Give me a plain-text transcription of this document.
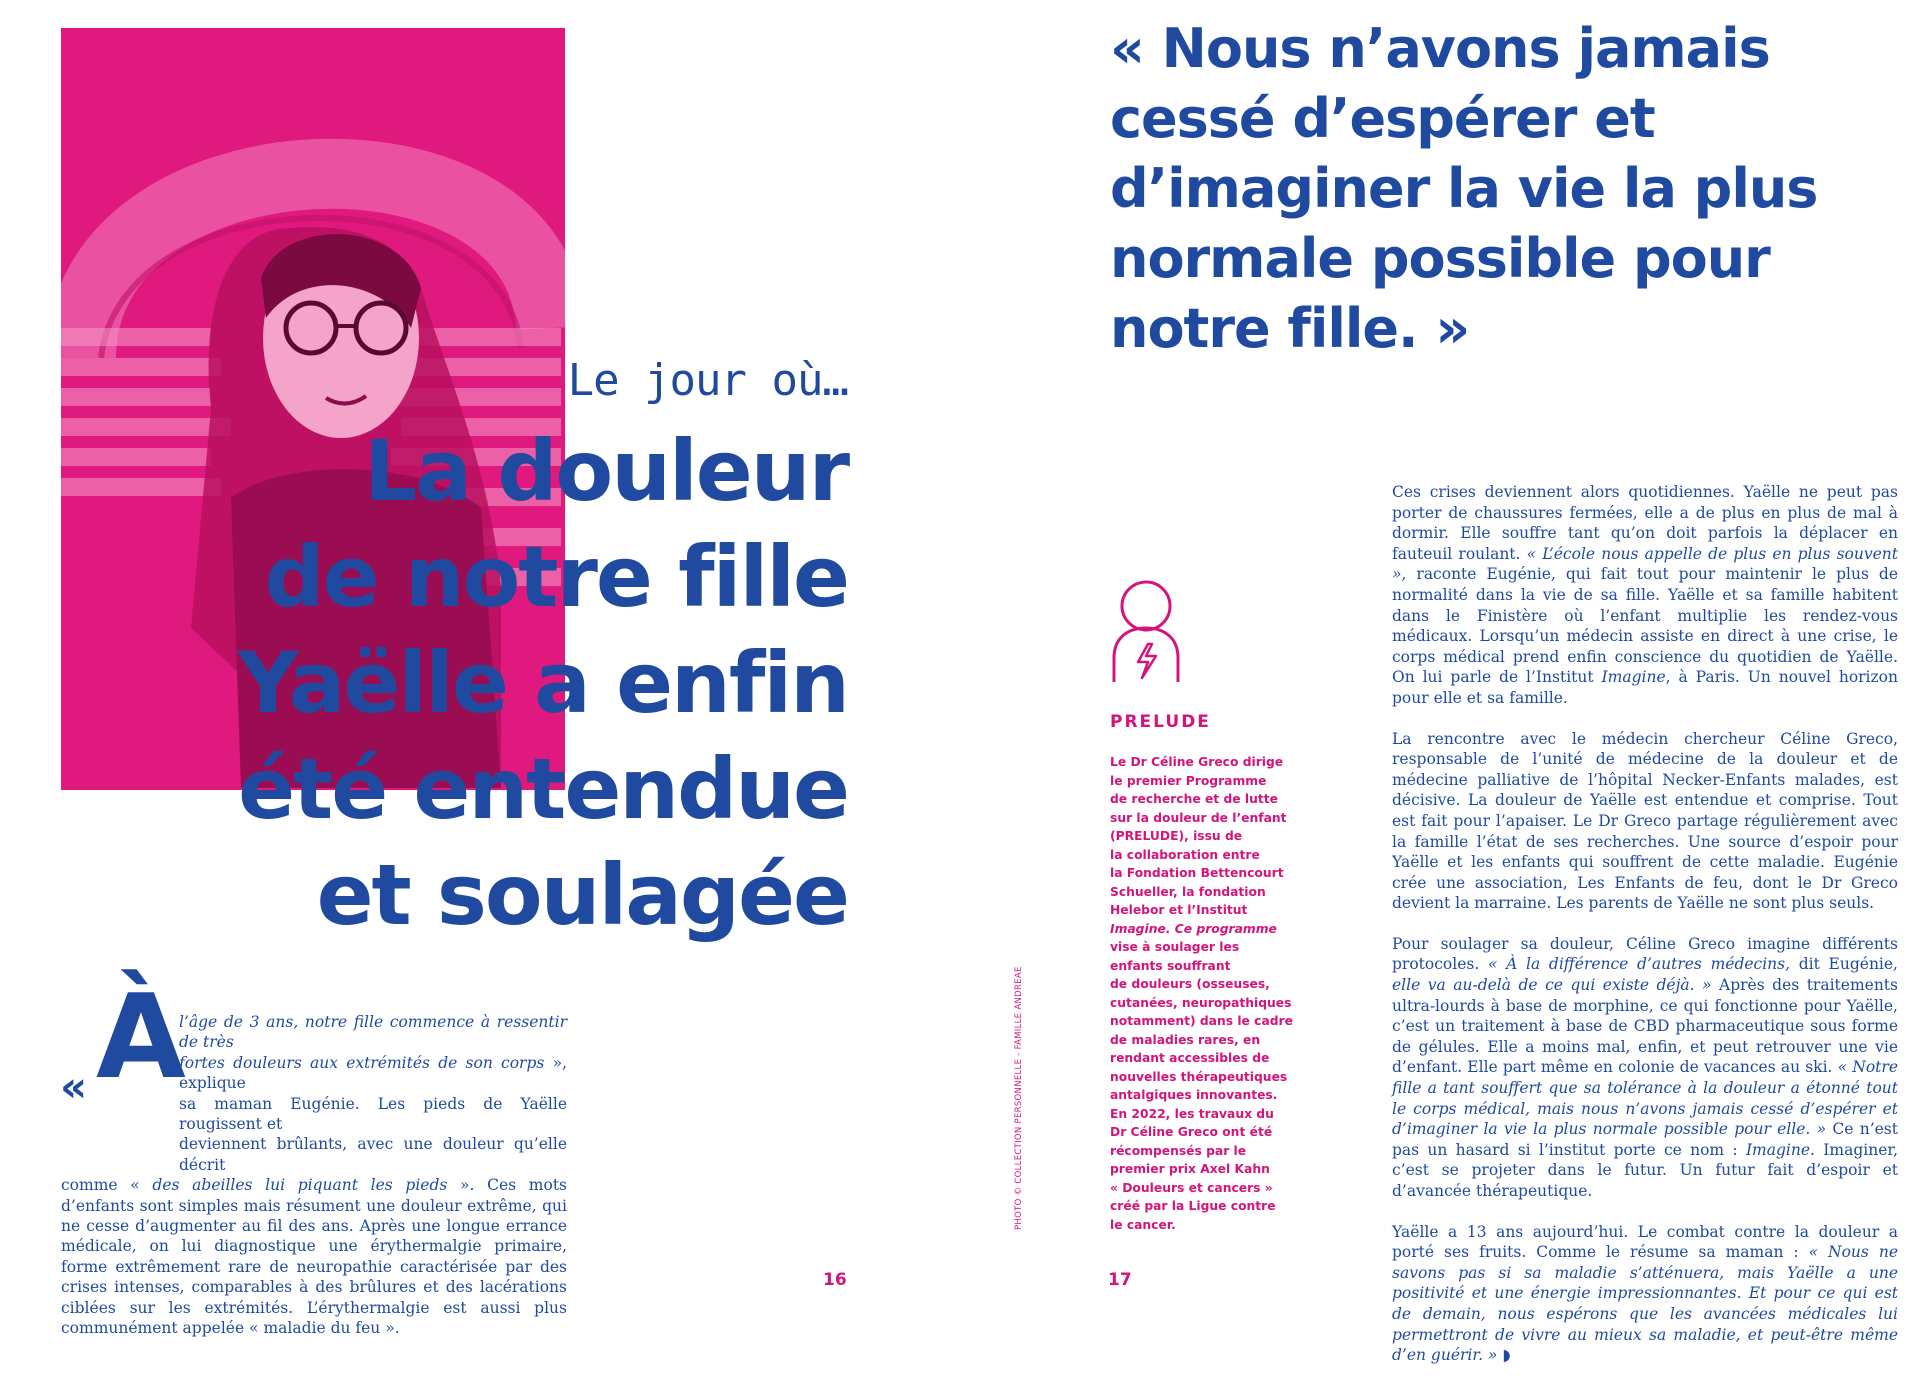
Le jour où…
La douleur
de notre fille
Yaëlle a enfin
été entendue
et soulagée
« À
l’âge de 3 ans, notre fille commence à ressentir de très
fortes douleurs aux extrémités de son corps », explique
sa maman Eugénie. Les pieds de Yaëlle rougissent et
deviennent brûlants, avec une douleur qu’elle décrit
comme « des abeilles lui piquant les pieds ». Ces mots d’enfants sont simples mais résument une douleur extrême, qui ne cesse d’augmenter au fil des ans. Après une longue errance médicale, on lui diagnostique une érythermalgie primaire, forme extrêmement rare de neuropathie caractérisée par des crises intenses, comparables à des brûlures et des lacérations ciblées sur les extrémités. L’érythermalgie est aussi plus communément appelée « maladie du feu ».
PHOTO © COLLECTION PERSONNELLE - FAMILLE ANDREAE
16
« Nous n’avons jamais
cessé d’espérer et
d’imaginer la vie la plus
normale possible pour
notre fille. »
PRELUDE
Le Dr Céline Greco dirige
le premier Programme
de recherche et de lutte
sur la douleur de l’enfant
(PRELUDE), issu de
la collaboration entre
la Fondation Bettencourt
Schueller, la fondation
Helebor et l’Institut
Imagine. Ce programme
vise à soulager les
enfants souffrant
de douleurs (osseuses,
cutanées, neuropathiques
notamment) dans le cadre
de maladies rares, en
rendant accessibles de
nouvelles thérapeutiques
antalgiques innovantes.
En 2022, les travaux du
Dr Céline Greco ont été
récompensés par le
premier prix Axel Kahn
« Douleurs et cancers »
créé par la Ligue contre
le cancer.

Ces crises deviennent alors quotidiennes. Yaëlle ne peut pas porter de chaussures fermées, elle a de plus en plus de mal à dormir. Elle souffre tant qu’on doit parfois la déplacer en fauteuil roulant. « L’école nous appelle de plus en plus souvent », raconte Eugénie, qui fait tout pour maintenir le plus de normalité dans la vie de sa fille. Yaëlle et sa famille habitent dans le Finistère où l’enfant multiplie les rendez-vous médicaux. Lorsqu’un médecin assiste en direct à une crise, le corps médical prend enfin conscience du quotidien de Yaëlle. On lui parle de l’Institut Imagine, à Paris. Un nouvel horizon pour elle et sa famille.

La rencontre avec le médecin chercheur Céline Greco, responsable de l’unité de médecine de la douleur et de médecine palliative de l’hôpital Necker-Enfants malades, est décisive. La douleur de Yaëlle est entendue et comprise. Tout est fait pour l’apaiser. Le Dr Greco partage régulièrement avec la famille l’état de ses recherches. Une source d’espoir pour Yaëlle et les enfants qui souffrent de cette maladie. Eugénie crée une association, Les Enfants de feu, dont le Dr Greco devient la marraine. Les parents de Yaëlle ne sont plus seuls.

Pour soulager sa douleur, Céline Greco imagine différents protocoles. « À la différence d’autres médecins, dit Eugénie, elle va au-delà de ce qui existe déjà. » Après des traitements ultra-lourds à base de morphine, ce qui fonctionne pour Yaëlle, c’est un traitement à base de CBD pharmaceutique sous forme de gélules. Elle a moins mal, enfin, et peut retrouver une vie d’enfant. Elle part même en colonie de vacances au ski. « Notre fille a tant souffert que sa tolérance à la douleur a étonné tout le corps médical, mais nous n’avons jamais cessé d’espérer et d’imaginer la vie la plus normale possible pour elle. » Ce n’est pas un hasard si l’institut porte ce nom : Imagine. Imaginer, c’est se projeter dans le futur. Un futur fait d’espoir et d’avancée thérapeutique.

Yaëlle a 13 ans aujourd’hui. Le combat contre la douleur a porté ses fruits. Comme le résume sa maman : « Nous ne savons pas si sa maladie s’atténuera, mais Yaëlle a une positivité et une énergie impressionnantes. Et pour ce qui est de demain, nous espérons que les avancées médicales lui permettront de vivre au mieux sa maladie, et peut-être même d’en guérir. » ◗

17
